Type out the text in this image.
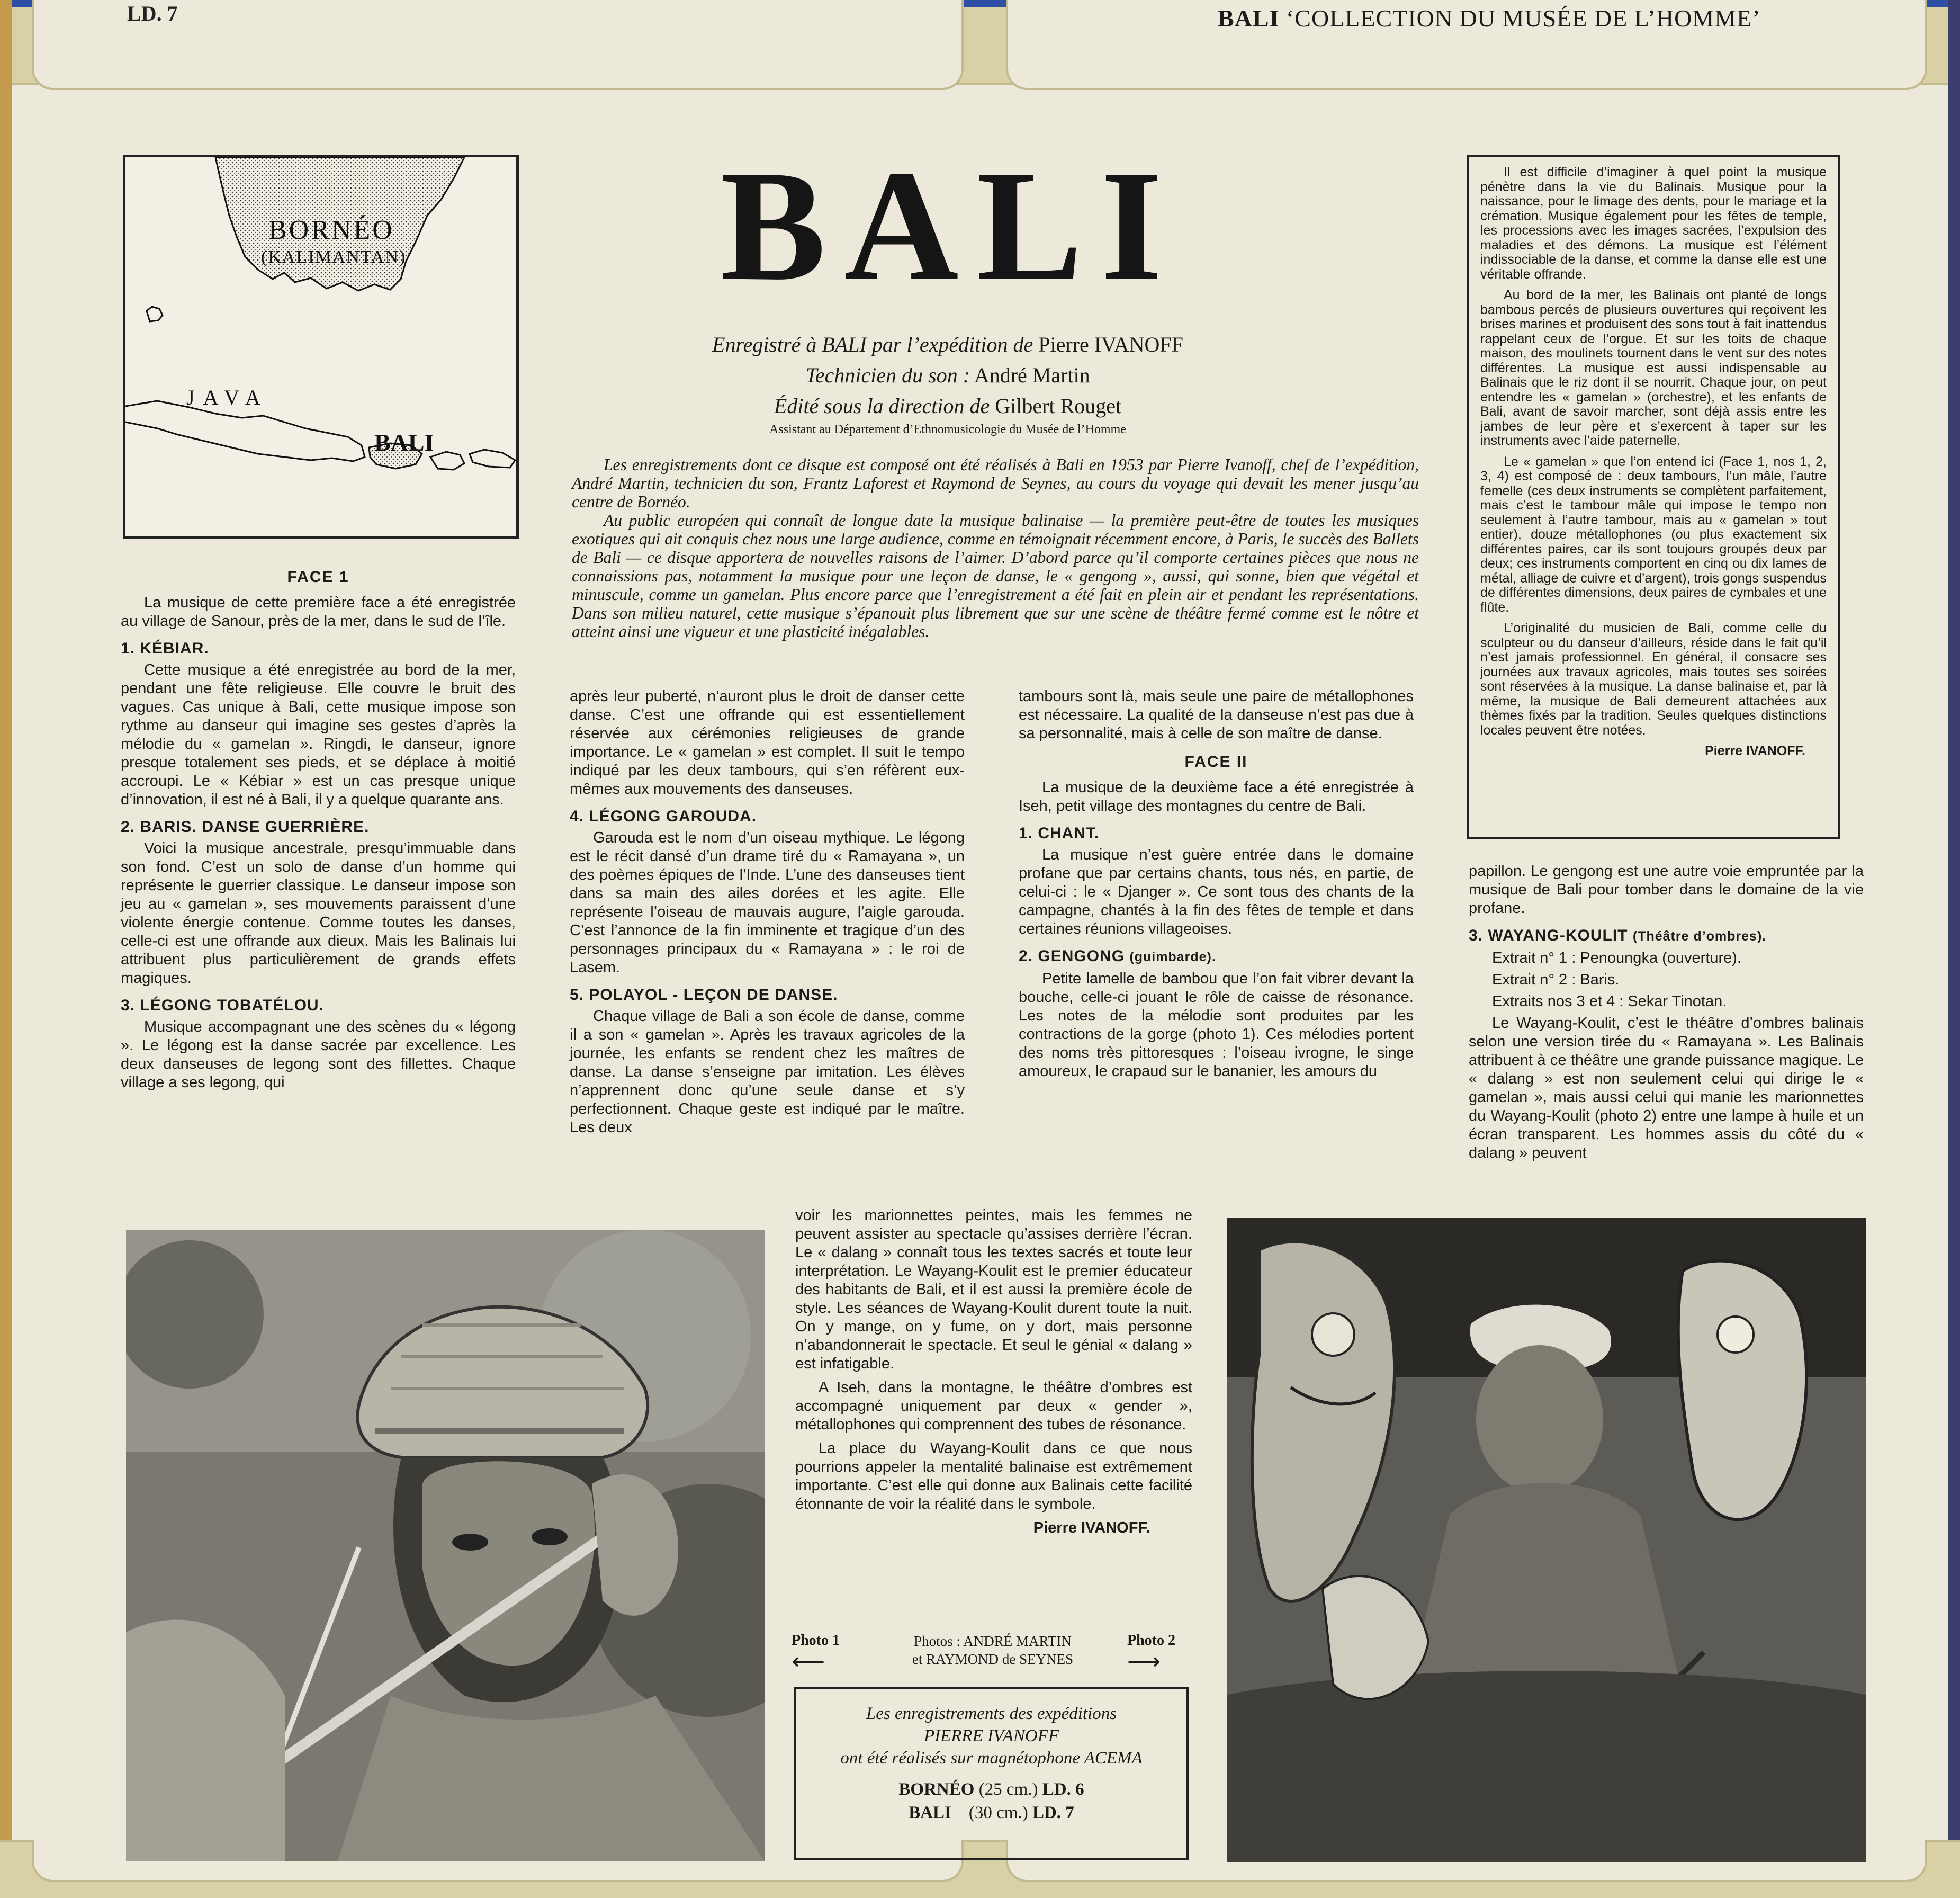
LD. 7	BALI ‘COLLECTION DU MUSÉE DE L’HOMME’
BORNÉO
(KALIMANTAN)
JAVA
BALI
BALI
Enregistré à BALI par l’expédition de Pierre IVANOFF
Technicien du son : André Martin
Édité sous la direction de Gilbert Rouget
Assistant au Département d’Ethnomusicologie du Musée de l’Homme

Les enregistrements dont ce disque est composé ont été réalisés à Bali en 1953 par Pierre Ivanoff, chef de l’expédition, André Martin, technicien du son, Frantz Laforest et Raymond de Seynes, au cours du voyage qui devait les mener jusqu’au centre de Bornéo.

Au public européen qui connaît de longue date la musique balinaise — la première peut-être de toutes les musiques exotiques qui ait conquis chez nous une large audience, comme en témoignait récemment encore, à Paris, le succès des Ballets de Bali — ce disque apportera de nouvelles raisons de l’aimer. D’abord parce qu’il comporte certaines pièces que nous ne connaissions pas, notamment la musique pour une leçon de danse, le « gengong », aussi, qui sonne, bien que végétal et minuscule, comme un gamelan. Plus encore parce que l’enregistrement a été fait en plein air et pendant les représentations. Dans son milieu naturel, cette musique s’épanouit plus librement que sur une scène de théâtre fermé comme est le nôtre et atteint ainsi une vigueur et une plasticité inégalables.

FACE 1

La musique de cette première face a été enregistrée au village de Sanour, près de la mer, dans le sud de l’île.

1. KÉBIAR.

Cette musique a été enregistrée au bord de la mer, pendant une fête religieuse. Elle couvre le bruit des vagues. Cas unique à Bali, cette musique impose son rythme au danseur qui imagine ses gestes d’après la mélodie du « gamelan ». Ringdi, le danseur, ignore presque totalement ses pieds, et se déplace à moitié accroupi. Le « Kébiar » est un cas presque unique d’innovation, il est né à Bali, il y a quelque quarante ans.

2. BARIS. DANSE GUERRIÈRE.

Voici la musique ancestrale, presqu’immuable dans son fond. C’est un solo de danse d’un homme qui représente le guerrier classique. Le danseur impose son jeu au « gamelan », ses mouvements paraissent d’une violente énergie contenue. Comme toutes les danses, celle-ci est une offrande aux dieux. Mais les Balinais lui attribuent plus particulièrement de grands effets magiques.

3. LÉGONG TOBATÉLOU.

Musique accompagnant une des scènes du « légong ». Le légong est la danse sacrée par excellence. Les deux danseuses de legong sont des fillettes. Chaque village a ses legong, qui

après leur puberté, n’auront plus le droit de danser cette danse. C’est une offrande qui est essentiellement réservée aux cérémonies religieuses de grande importance. Le « gamelan » est complet. Il suit le tempo indiqué par les deux tambours, qui s’en réfèrent eux-mêmes aux mouvements des danseuses.

4. LÉGONG GAROUDA.

Garouda est le nom d’un oiseau mythique. Le légong est le récit dansé d’un drame tiré du « Ramayana », un des poèmes épiques de l’Inde. L’une des danseuses tient dans sa main des ailes dorées et les agite. Elle représente l’oiseau de mauvais augure, l’aigle garouda. C’est l’annonce de la fin imminente et tragique d’un des personnages principaux du « Ramayana » : le roi de Lasem.

5. POLAYOL - LEÇON DE DANSE.

Chaque village de Bali a son école de danse, comme il a son « gamelan ». Après les travaux agricoles de la journée, les enfants se rendent chez les maîtres de danse. La danse s’enseigne par imitation. Les élèves n’apprennent donc qu’une seule danse et s’y perfectionnent. Chaque geste est indiqué par le maître. Les deux

tambours sont là, mais seule une paire de métallophones est nécessaire. La qualité de la danseuse n’est pas due à sa personnalité, mais à celle de son maître de danse.

FACE II

La musique de la deuxième face a été enregistrée à Iseh, petit village des montagnes du centre de Bali.

1. CHANT.

La musique n’est guère entrée dans le domaine profane que par certains chants, tous nés, en partie, de celui-ci : le « Djanger ». Ce sont tous des chants de la campagne, chantés à la fin des fêtes de temple et dans certaines réunions villageoises.

2. GENGONG (guimbarde).

Petite lamelle de bambou que l’on fait vibrer devant la bouche, celle-ci jouant le rôle de caisse de résonance. Les notes de la mélodie sont produites par les contractions de la gorge (photo 1). Ces mélodies portent des noms très pittoresques : l’oiseau ivrogne, le singe amoureux, le crapaud sur le bananier, les amours du

papillon. Le gengong est une autre voie empruntée par la musique de Bali pour tomber dans le domaine de la vie profane.

3. WAYANG-KOULIT (Théâtre d’ombres).

Extrait n° 1 : Penoungka (ouverture).

Extrait n° 2 : Baris.

Extraits nos 3 et 4 : Sekar Tinotan.

Le Wayang-Koulit, c’est le théâtre d’ombres balinais selon une version tirée du « Ramayana ». Les Balinais attribuent à ce théâtre une grande puissance magique. Le « dalang » est non seulement celui qui dirige le « gamelan », mais aussi celui qui manie les marionnettes du Wayang-Koulit (photo 2) entre une lampe à huile et un écran transparent. Les hommes assis du côté du « dalang » peuvent

voir les marionnettes peintes, mais les femmes ne peuvent assister au spectacle qu’assises derrière l’écran. Le « dalang » connaît tous les textes sacrés et toute leur interprétation. Le Wayang-Koulit est le premier éducateur des habitants de Bali, et il est aussi la première école de style. Les séances de Wayang-Koulit durent toute la nuit. On y mange, on y fume, on y dort, mais personne n’abandonnerait le spectacle. Et seul le génial « dalang » est infatigable.

A Iseh, dans la montagne, le théâtre d’ombres est accompagné uniquement par deux « gender », métallophones qui comprennent des tubes de résonance.

La place du Wayang-Koulit dans ce que nous pourrions appeler la mentalité balinaise est extrêmement importante. C’est elle qui donne aux Balinais cette facilité étonnante de voir la réalité dans le symbole.

Pierre IVANOFF.

Il est difficile d’imaginer à quel point la musique pénètre dans la vie du Balinais. Musique pour la naissance, pour le limage des dents, pour le mariage et la crémation. Musique également pour les fêtes de temple, les processions avec les images sacrées, l’expulsion des maladies et des démons. La musique est l’élément indissociable de la danse, et comme la danse elle est une véritable offrande.

Au bord de la mer, les Balinais ont planté de longs bambous percés de plusieurs ouvertures qui reçoivent les brises marines et produisent des sons tout à fait inattendus rappelant ceux de l’orgue. Et sur les toits de chaque maison, des moulinets tournent dans le vent sur des notes différentes. La musique est aussi indispensable au Balinais que le riz dont il se nourrit. Chaque jour, on peut entendre les « gamelan » (orchestre), et les enfants de Bali, avant de savoir marcher, sont déjà assis entre les jambes de leur père et s’exercent à taper sur les instruments avec l’aide paternelle.

Le « gamelan » que l’on entend ici (Face 1, nos 1, 2, 3, 4) est composé de : deux tambours, l’un mâle, l’autre femelle (ces deux instruments se complètent parfaitement, mais c’est le tambour mâle qui impose le tempo non seulement à l’autre tambour, mais au « gamelan » tout entier), douze métallophones (ou plus exactement six différentes paires, car ils sont toujours groupés deux par deux; ces instruments comportent en cinq ou dix lames de métal, alliage de cuivre et d’argent), trois gongs suspendus de différentes dimensions, deux paires de cymbales et une flûte.

L’originalité du musicien de Bali, comme celle du sculpteur ou du danseur d’ailleurs, réside dans le fait qu’il n’est jamais professionnel. En général, il consacre ses journées aux travaux agricoles, mais toutes ses soirées sont réservées à la musique. La danse balinaise et, par là même, la musique de Bali demeurent attachées aux thèmes fixés par la tradition. Seules quelques distinctions locales peuvent être notées.

Pierre IVANOFF.

Photo 1
⟵
Photos : ANDRÉ MARTIN
et RAYMOND de SEYNES
Photo 2
⟶
Les enregistrements des expéditions
PIERRE IVANOFF
ont été réalisés sur magnétophone ACEMA
BORNÉO (25 cm.) LD. 6
BALI (30 cm.) LD. 7
